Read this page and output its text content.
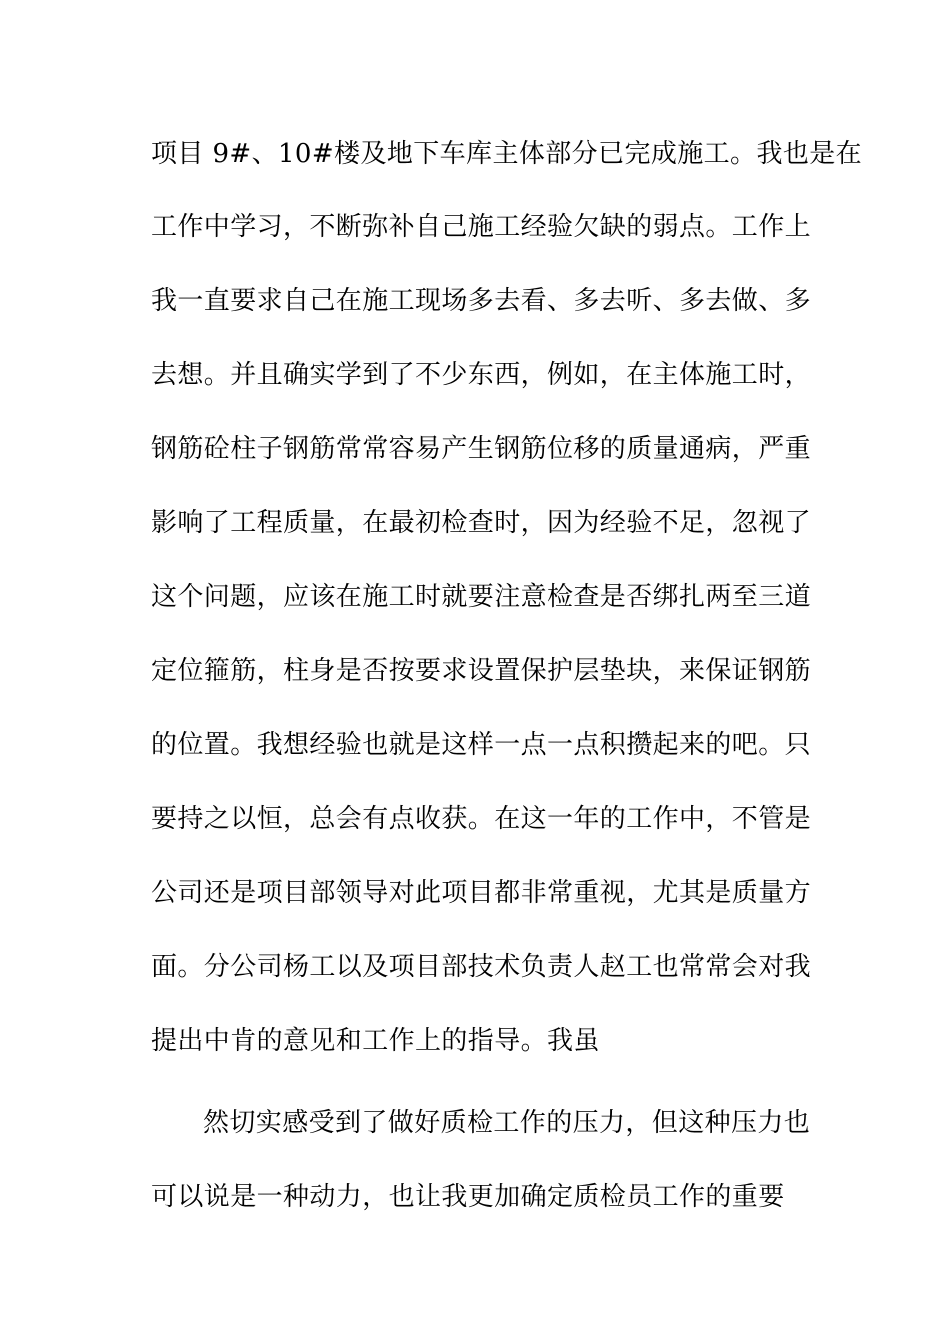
项目 9#、10#楼及地下车库主体部分已完成施工。我也是在
工作中学习，不断弥补自己施工经验欠缺的弱点。工作上
我一直要求自己在施工现场多去看、多去听、多去做、多
去想。并且确实学到了不少东西，例如，在主体施工时，
钢筋砼柱子钢筋常常容易产生钢筋位移的质量通病，严重
影响了工程质量，在最初检查时，因为经验不足，忽视了
这个问题，应该在施工时就要注意检查是否绑扎两至三道
定位箍筋，柱身是否按要求设置保护层垫块，来保证钢筋
的位置。我想经验也就是这样一点一点积攒起来的吧。只
要持之以恒，总会有点收获。在这一年的工作中，不管是
公司还是项目部领导对此项目都非常重视，尤其是质量方
面。分公司杨工以及项目部技术负责人赵工也常常会对我
提出中肯的意见和工作上的指导。我虽
然切实感受到了做好质检工作的压力，但这种压力也
可以说是一种动力，也让我更加确定质检员工作的重要
